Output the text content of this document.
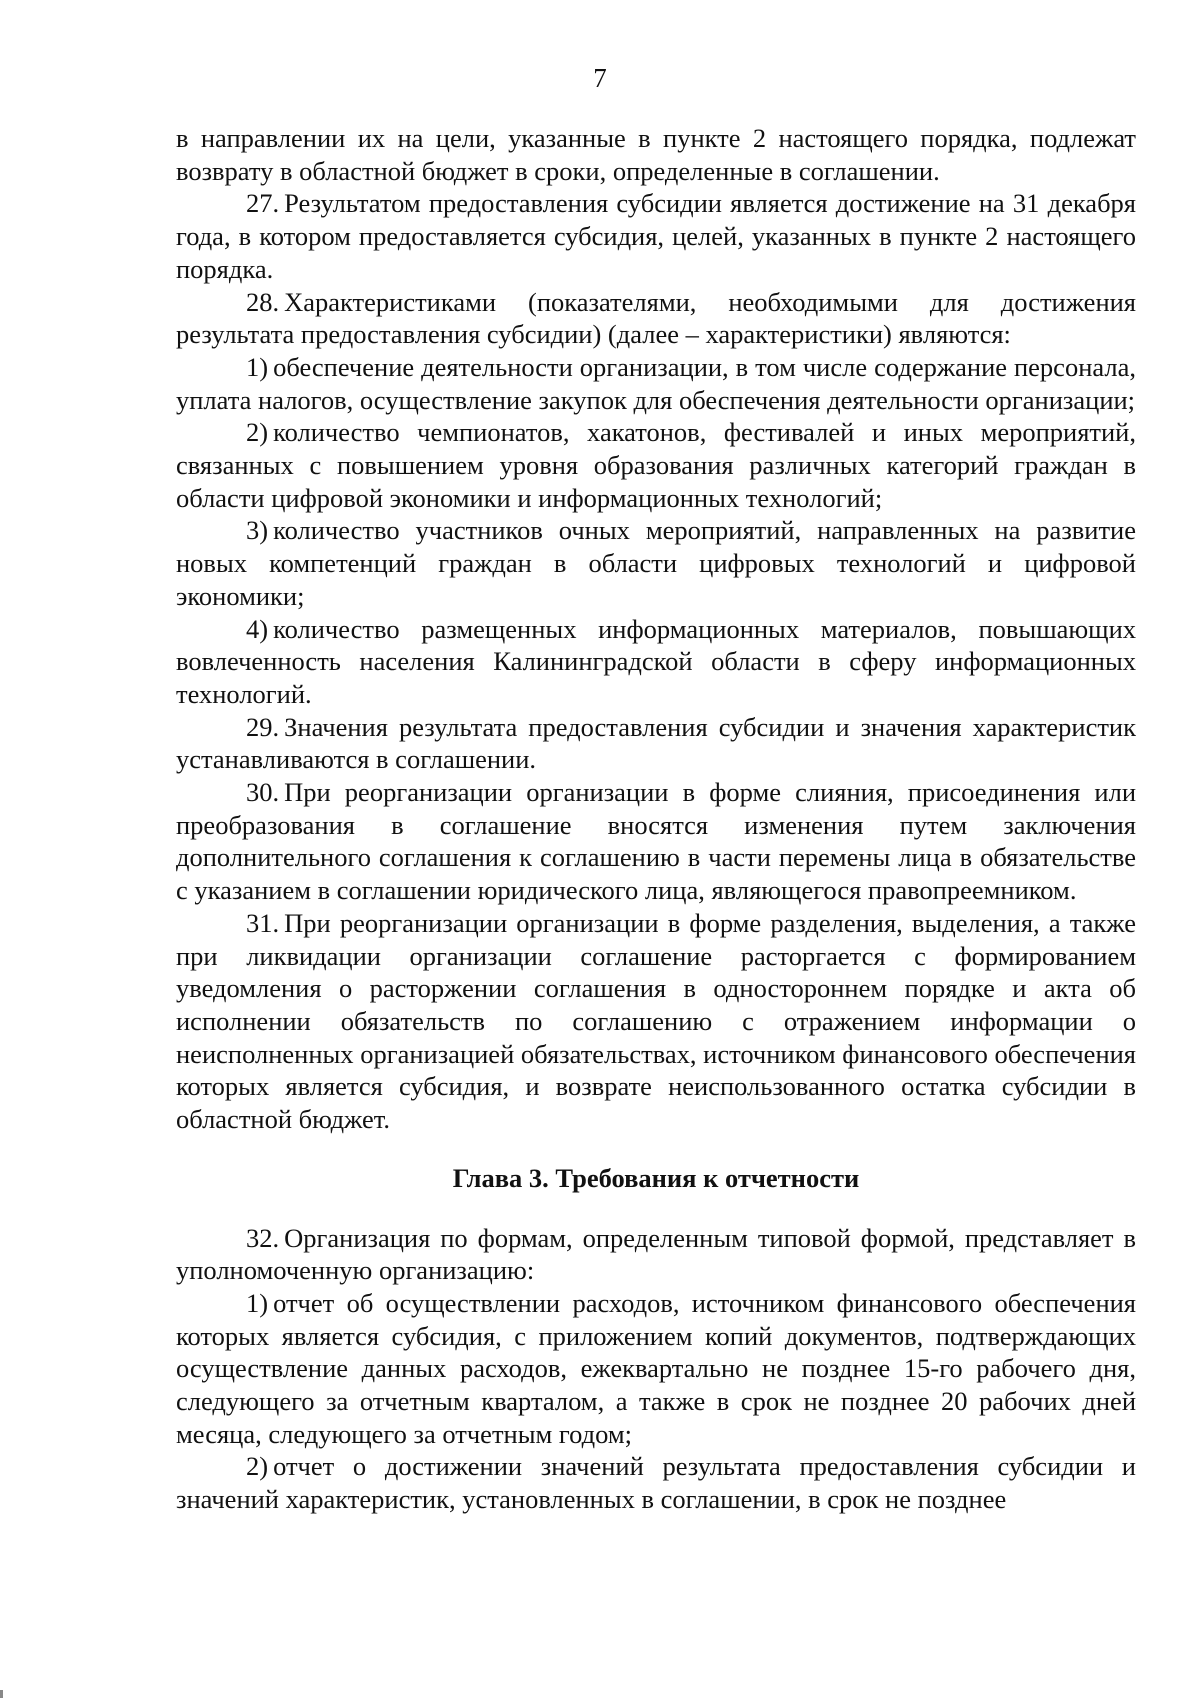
7

в направлении их на цели, указанные в пункте 2 настоящего порядка, подлежат возврату в областной бюджет в сроки, определенные в соглашении.

27. Результатом предоставления субсидии является достижение на 31 декабря года, в котором предоставляется субсидия, целей, указанных в пункте 2 настоящего порядка.

28. Характеристиками (показателями, необходимыми для достижения результата предоставления субсидии) (далее – характеристики) являются:

1) обеспечение деятельности организации, в том числе содержание персонала, уплата налогов, осуществление закупок для обеспечения деятельности организации;

2) количество чемпионатов, хакатонов, фестивалей и иных мероприятий, связанных с повышением уровня образования различных категорий граждан в области цифровой экономики и информационных технологий;

3) количество участников очных мероприятий, направленных на развитие новых компетенций граждан в области цифровых технологий и цифровой экономики;

4) количество размещенных информационных материалов, повышающих вовлеченность населения Калининградской области в сферу информационных технологий.

29. Значения результата предоставления субсидии и значения характеристик устанавливаются в соглашении.

30. При реорганизации организации в форме слияния, присоединения или преобразования в соглашение вносятся изменения путем заключения дополнительного соглашения к соглашению в части перемены лица в обязательстве с указанием в соглашении юридического лица, являющегося правопреемником.

31. При реорганизации организации в форме разделения, выделения, а также при ликвидации организации соглашение расторгается с формированием уведомления о расторжении соглашения в одностороннем порядке и акта об исполнении обязательств по соглашению с отражением информации о неисполненных организацией обязательствах, источником финансового обеспечения которых является субсидия, и возврате неиспользованного остатка субсидии в областной бюджет.

Глава 3. Требования к отчетности

32. Организация по формам, определенным типовой формой, представляет в уполномоченную организацию:

1) отчет об осуществлении расходов, источником финансового обеспечения которых является субсидия, с приложением копий документов, подтверждающих осуществление данных расходов, ежеквартально не позднее 15-го рабочего дня, следующего за отчетным кварталом, а также в срок не позднее 20 рабочих дней месяца, следующего за отчетным годом;

2) отчет о достижении значений результата предоставления субсидии и значений характеристик, установленных в соглашении, в срок не позднее
